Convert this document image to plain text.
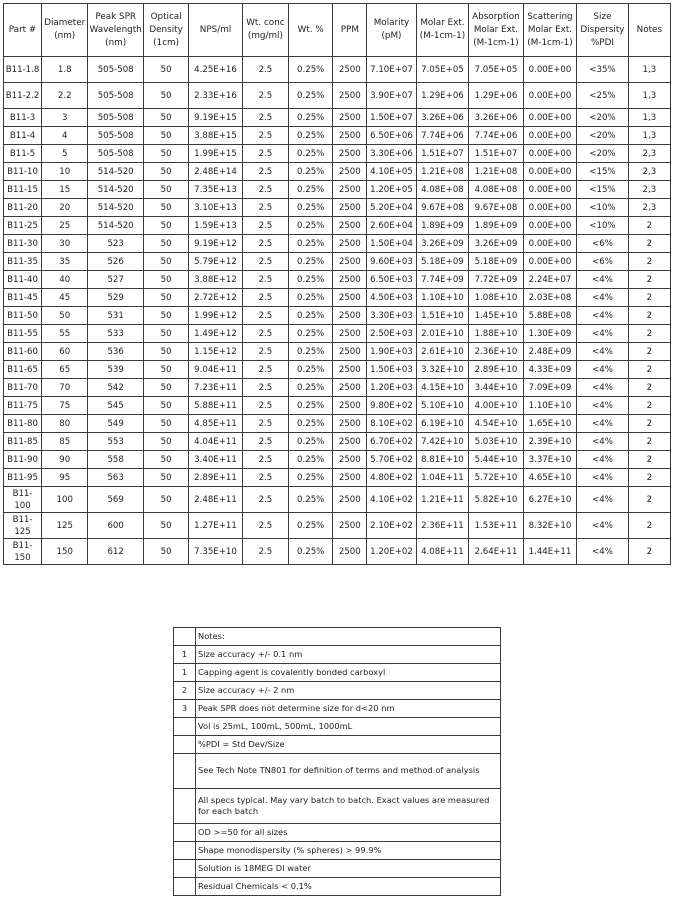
Part #	Diameter (nm)	Peak SPR Wavelength (nm)	Optical Density (1cm)	NPS/ml	Wt. conc (mg/ml)	Wt. %	PPM	Molarity (pM)	Molar Ext. (M-1cm-1)	Absorption Molar Ext. (M-1cm-1)	Scattering Molar Ext. (M-1cm-1)	Size Dispersity %PDI	Notes
B11-1.8	1.8	505-508	50	4.25E+16	2.5	0.25%	2500	7.10E+07	7.05E+05	7.05E+05	0.00E+00	<35%	1,3
B11-2.2	2.2	505-508	50	2.33E+16	2.5	0.25%	2500	3.90E+07	1.29E+06	1.29E+06	0.00E+00	<25%	1,3
B11-3	3	505-508	50	9.19E+15	2.5	0.25%	2500	1.50E+07	3.26E+06	3.26E+06	0.00E+00	<20%	1,3
B11-4	4	505-508	50	3.88E+15	2.5	0.25%	2500	6.50E+06	7.74E+06	7.74E+06	0.00E+00	<20%	1,3
B11-5	5	505-508	50	1.99E+15	2.5	0.25%	2500	3.30E+06	1.51E+07	1.51E+07	0.00E+00	<20%	2,3
B11-10	10	514-520	50	2.48E+14	2.5	0.25%	2500	4.10E+05	1.21E+08	1.21E+08	0.00E+00	<15%	2,3
B11-15	15	514-520	50	7.35E+13	2.5	0.25%	2500	1.20E+05	4.08E+08	4.08E+08	0.00E+00	<15%	2,3
B11-20	20	514-520	50	3.10E+13	2.5	0.25%	2500	5.20E+04	9.67E+08	9.67E+08	0.00E+00	<10%	2,3
B11-25	25	514-520	50	1.59E+13	2.5	0.25%	2500	2.60E+04	1.89E+09	1.89E+09	0.00E+00	<10%	2
B11-30	30	523	50	9.19E+12	2.5	0.25%	2500	1.50E+04	3.26E+09	3.26E+09	0.00E+00	<6%	2
B11-35	35	526	50	5.79E+12	2.5	0.25%	2500	9.60E+03	5.18E+09	5.18E+09	0.00E+00	<6%	2
B11-40	40	527	50	3.88E+12	2.5	0.25%	2500	6.50E+03	7.74E+09	7.72E+09	2.24E+07	<4%	2
B11-45	45	529	50	2.72E+12	2.5	0.25%	2500	4.50E+03	1.10E+10	1.08E+10	2.03E+08	<4%	2
B11-50	50	531	50	1.99E+12	2.5	0.25%	2500	3.30E+03	1.51E+10	1.45E+10	5.88E+08	<4%	2
B11-55	55	533	50	1.49E+12	2.5	0.25%	2500	2.50E+03	2.01E+10	1.88E+10	1.30E+09	<4%	2
B11-60	60	536	50	1.15E+12	2.5	0.25%	2500	1.90E+03	2.61E+10	2.36E+10	2.48E+09	<4%	2
B11-65	65	539	50	9.04E+11	2.5	0.25%	2500	1.50E+03	3.32E+10	2.89E+10	4.33E+09	<4%	2
B11-70	70	542	50	7.23E+11	2.5	0.25%	2500	1.20E+03	4.15E+10	3.44E+10	7.09E+09	<4%	2
B11-75	75	545	50	5.88E+11	2.5	0.25%	2500	9.80E+02	5.10E+10	4.00E+10	1.10E+10	<4%	2
B11-80	80	549	50	4.85E+11	2.5	0.25%	2500	8.10E+02	6.19E+10	4.54E+10	1.65E+10	<4%	2
B11-85	85	553	50	4.04E+11	2.5	0.25%	2500	6.70E+02	7.42E+10	5.03E+10	2.39E+10	<4%	2
B11-90	90	558	50	3.40E+11	2.5	0.25%	2500	5.70E+02	8.81E+10	5.44E+10	3.37E+10	<4%	2
B11-95	95	563	50	2.89E+11	2.5	0.25%	2500	4.80E+02	1.04E+11	5.72E+10	4.65E+10	<4%	2
B11-100	100	569	50	2.48E+11	2.5	0.25%	2500	4.10E+02	1.21E+11	5.82E+10	6.27E+10	<4%	2
B11-125	125	600	50	1.27E+11	2.5	0.25%	2500	2.10E+02	2.36E+11	1.53E+11	8.32E+10	<4%	2
B11-150	150	612	50	7.35E+10	2.5	0.25%	2500	1.20E+02	4.08E+11	2.64E+11	1.44E+11	<4%	2
	Notes:
1	Size accuracy +/- 0.1 nm
1	Capping agent is covalently bonded carboxyl
2	Size accuracy +/- 2 nm
3	Peak SPR does not determine size for d<20 nm
	Vol is 25mL, 100mL, 500mL, 1000mL
	%PDI = Std Dev/Size
	See Tech Note TN801 for definition of terms and method of analysis
	All specs typical. May vary batch to batch. Exact values are measured for each batch
	OD >=50 for all sizes
	Shape monodispersity (% spheres) > 99.9%
	Solution is 18MEG DI water
	Residual Chemicals < 0.1%
